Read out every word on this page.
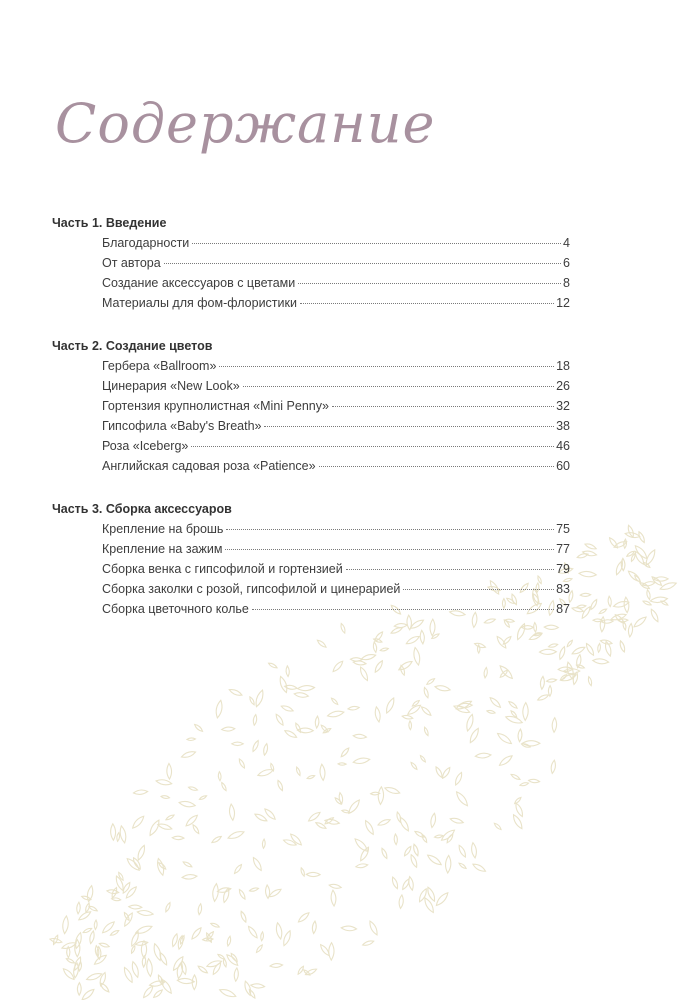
Содержание
Часть 1. Введение
Благодарности	4
От автора	6
Создание аксессуаров с цветами	8
Материалы для фом-флористики	12
Часть 2. Создание цветов
Гербера «Ballroom»	18
Цинерария «New Look»	26
Гортензия крупнолистная «Mini Penny»	32
Гипсофила «Baby's Breath»	38
Роза «Iceberg»	46
Английская садовая роза «Patience»	60
Часть 3. Сборка аксессуаров
Крепление на брошь	75
Крепление на зажим	77
Сборка венка с гипсофилой и гортензией	79
Сборка заколки с розой, гипсофилой и цинерарией	83
Сборка цветочного колье	87
